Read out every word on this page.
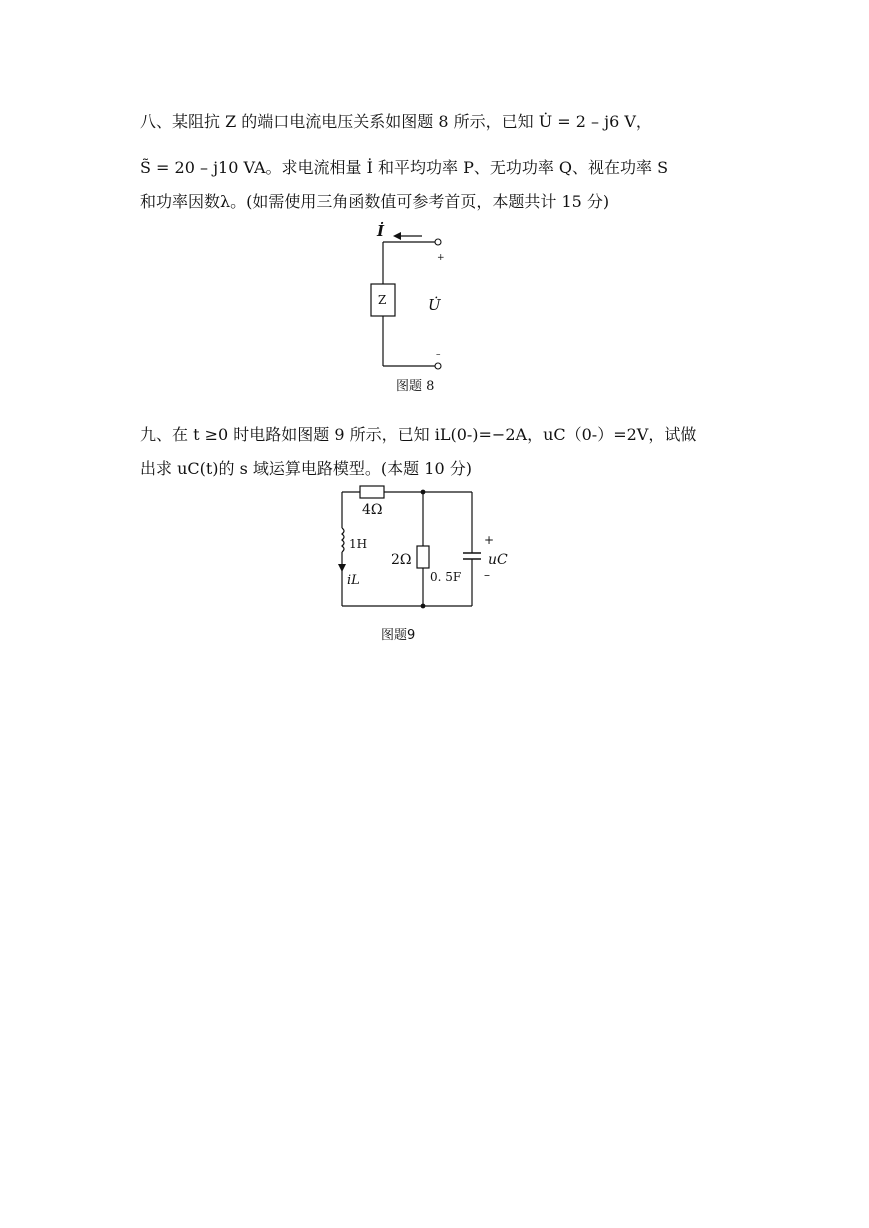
八、某阻抗 Z 的端口电流电压关系如图题 8 所示，已知 U̇ = 2 – j6 V，
S̃ = 20 – j10 VA。求电流相量 İ 和平均功率 P、无功功率 Q、视在功率 S
和功率因数λ。(如需使用三角函数值可参考首页，本题共计 15 分)
İ
Z	U̇
+
–
图题 8
九、在 t ≥0 时电路如图题 9 所示，已知 iL(0-)=−2A，uC（0-）=2V，试做
出求 uC(t)的 s 域运算电路模型。(本题 10 分)
4Ω
1H
iL
2Ω
0. 5F
uC
+
–
图题9
